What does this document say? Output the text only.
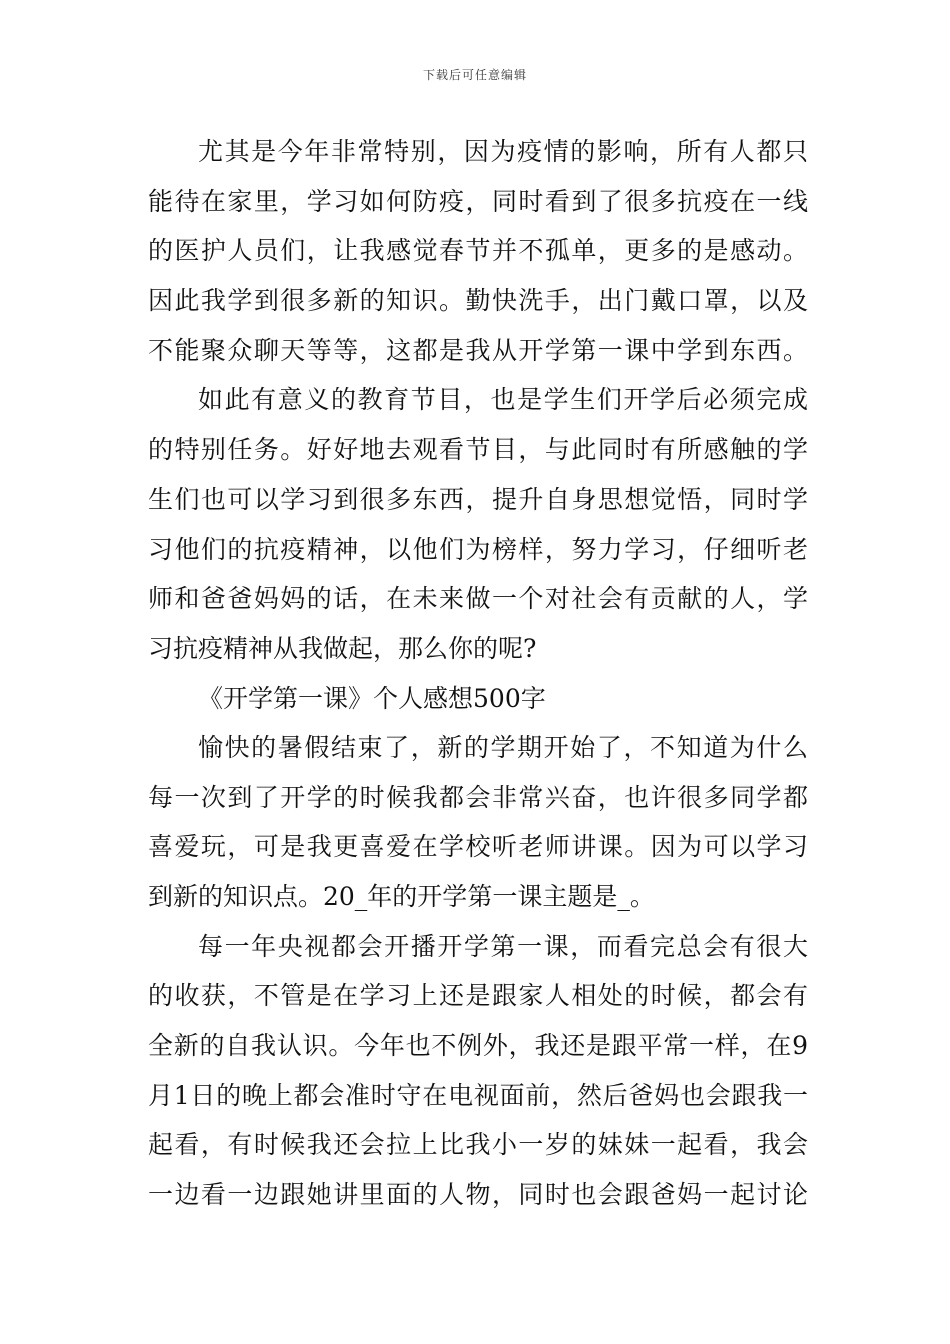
下载后可任意编辑
尤其是今年非常特别，因为疫情的影响，所有人都只
能待在家里，学习如何防疫，同时看到了很多抗疫在一线
的医护人员们，让我感觉春节并不孤单，更多的是感动。
因此我学到很多新的知识。勤快洗手，出门戴口罩，以及
不能聚众聊天等等，这都是我从开学第一课中学到东西。
如此有意义的教育节目，也是学生们开学后必须完成
的特别任务。好好地去观看节目，与此同时有所感触的学
生们也可以学习到很多东西，提升自身思想觉悟，同时学
习他们的抗疫精神，以他们为榜样，努力学习，仔细听老
师和爸爸妈妈的话，在未来做一个对社会有贡献的人，学
习抗疫精神从我做起，那么你的呢?
《开学第一课》个人感想500字
愉快的暑假结束了，新的学期开始了，不知道为什么
每一次到了开学的时候我都会非常兴奋，也许很多同学都
喜爱玩，可是我更喜爱在学校听老师讲课。因为可以学习
到新的知识点。20_年的开学第一课主题是_。
每一年央视都会开播开学第一课，而看完总会有很大
的收获，不管是在学习上还是跟家人相处的时候，都会有
全新的自我认识。今年也不例外，我还是跟平常一样，在9
月1日的晚上都会准时守在电视面前，然后爸妈也会跟我一
起看，有时候我还会拉上比我小一岁的妹妹一起看，我会
一边看一边跟她讲里面的人物，同时也会跟爸妈一起讨论
